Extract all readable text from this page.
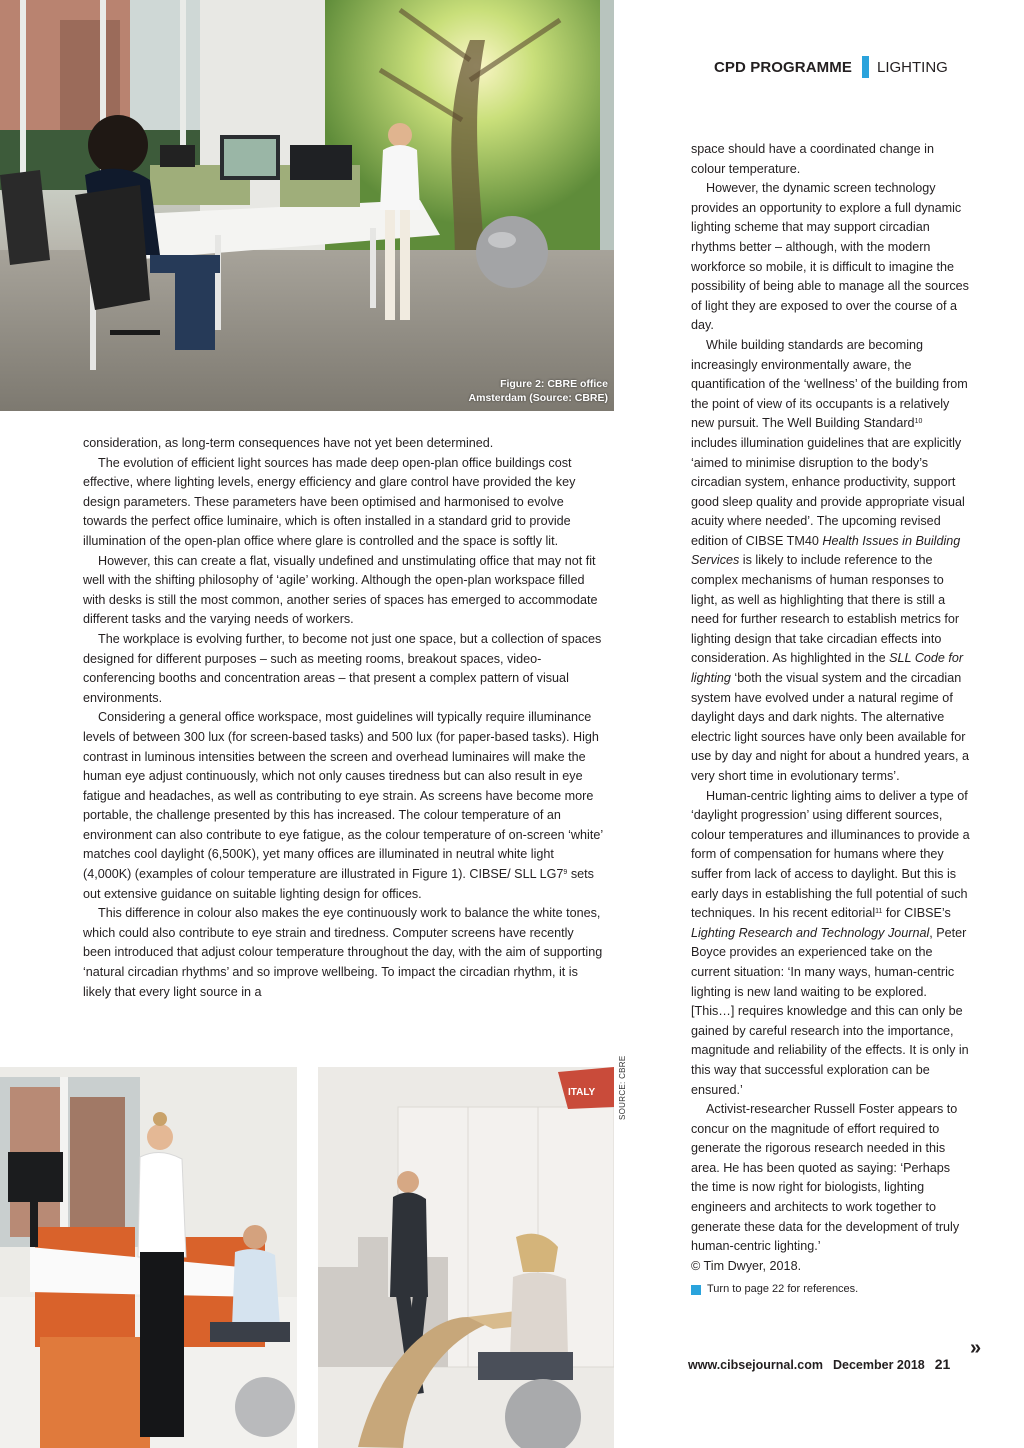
CPD PROGRAMME LIGHTING
Figure 2: CBRE office
Amsterdam (Source: CBRE)

consideration, as long-term consequences have not yet been determined.

The evolution of efficient light sources has made deep open-plan office buildings cost effective, where lighting levels, energy efficiency and glare control have provided the key design parameters. These parameters have been optimised and harmonised to evolve towards the perfect office luminaire, which is often installed in a standard grid to provide illumination of the open-plan office where glare is controlled and the space is softly lit.

However, this can create a flat, visually undefined and unstimulating office that may not fit well with the shifting philosophy of ‘agile’ working. Although the open-plan workspace filled with desks is still the most common, another series of spaces has emerged to accommodate different tasks and the varying needs of workers.

The workplace is evolving further, to become not just one space, but a collection of spaces designed for different purposes – such as meeting rooms, breakout spaces, video-conferencing booths and concentration areas – that present a complex pattern of visual environments.

Considering a general office workspace, most guidelines will typically require illuminance levels of between 300 lux (for screen-based tasks) and 500 lux (for paper-based tasks). High contrast in luminous intensities between the screen and overhead luminaires will make the human eye adjust continuously, which not only causes tiredness but can also result in eye fatigue and headaches, as well as contributing to eye strain. As screens have become more portable, the challenge presented by this has increased. The colour temperature of an environment can also contribute to eye fatigue, as the colour temperature of on-screen ‘white’ matches cool daylight (6,500K), yet many offices are illuminated in neutral white light (4,000K) (examples of colour temperature are illustrated in Figure 1). CIBSE/ SLL $LG7^9$ sets out extensive guidance on suitable lighting design for offices.

This difference in colour also makes the eye continuously work to balance the white tones, which could also contribute to eye strain and tiredness. Computer screens have recently been introduced that adjust colour temperature throughout the day, with the aim of supporting ‘natural circadian rhythms’ and so improve wellbeing. To impact the circadian rhythm, it is likely that every light source in a

ITALY	SOURCE: CBRE

space should have a coordinated change in colour temperature.

However, the dynamic screen technology provides an opportunity to explore a full dynamic lighting scheme that may support circadian rhythms better – although, with the modern workforce so mobile, it is difficult to imagine the possibility of being able to manage all the sources of light they are exposed to over the course of a day.

While building standards are becoming increasingly environmentally aware, the quantification of the ‘wellness’ of the building from the point of view of its occupants is a relatively new pursuit. The Well Building Standard$^{10}$ includes illumination guidelines that are explicitly ‘aimed to minimise disruption to the body’s circadian system, enhance productivity, support good sleep quality and provide appropriate visual acuity where needed’. The upcoming revised edition of CIBSE TM40 Health Issues in Building Services is likely to include reference to the complex mechanisms of human responses to light, as well as highlighting that there is still a need for further research to establish metrics for lighting design that take circadian effects into consideration. As highlighted in the SLL Code for lighting ‘both the visual system and the circadian system have evolved under a natural regime of daylight days and dark nights. The alternative electric light sources have only been available for use by day and night for about a hundred years, a very short time in evolutionary terms’.

Human-centric lighting aims to deliver a type of ‘daylight progression’ using different sources, colour temperatures and illuminances to provide a form of compensation for humans where they suffer from lack of access to daylight. But this is early days in establishing the full potential of such techniques. In his recent editorial$^{11}$ for CIBSE’s Lighting Research and Technology Journal, Peter Boyce provides an experienced take on the current situation: ‘In many ways, human-centric lighting is new land waiting to be explored. [This…] requires knowledge and this can only be gained by careful research into the importance, magnitude and reliability of the effects. It is only in this way that successful exploration can be ensured.’

Activist-researcher Russell Foster appears to concur on the magnitude of effort required to generate the rigorous research needed in this area. He has been quoted as saying: ‘Perhaps the time is now right for biologists, lighting engineers and architects to work together to generate these data for the development of truly human-centric lighting.’

© Tim Dwyer, 2018.

Turn to page 22 for references.

»
www.cibsejournal.com December 2018 21
